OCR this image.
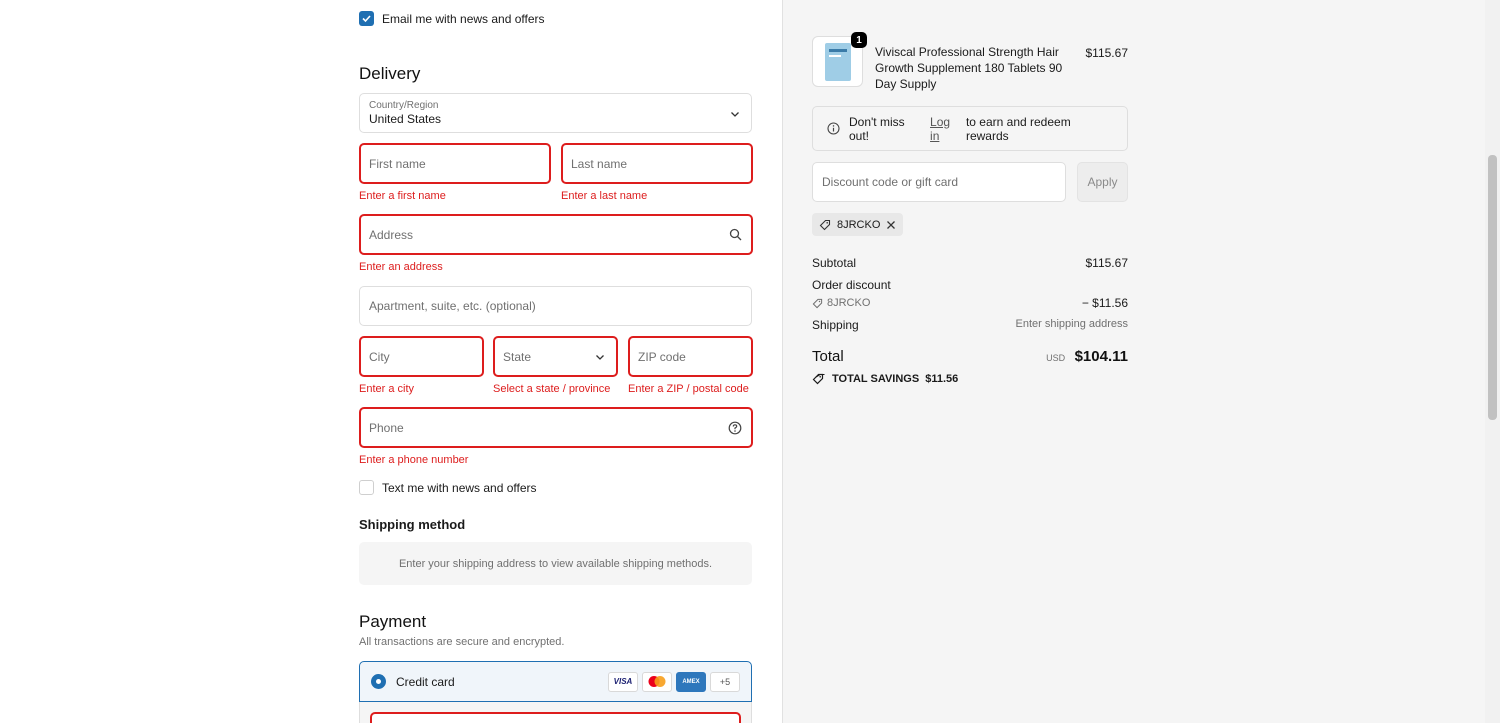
Email me with news and offers
Delivery
Country/Region
United States
First name
Enter a first name
Last name
Enter a last name
Address
Enter an address
Apartment, suite, etc. (optional)
City
Enter a city
State
Select a state / province
ZIP code
Enter a ZIP / postal code
Phone
Enter a phone number
Text me with news and offers
Shipping method
Enter your shipping address to view available shipping methods.
Payment
All transactions are secure and encrypted.
Credit card	VISA	AMEX	+5
1
Viviscal Professional Strength Hair Growth Supplement 180 Tablets 90 Day Supply
$115.67
Don't miss out!
Log in
to earn and redeem rewards
Discount code or gift card	Apply
8JRCKO
Subtotal	$115.67
Order discount
8JRCKO	− $11.56
Shipping	Enter shipping address
Total	USD $104.11
TOTAL SAVINGS $11.56
